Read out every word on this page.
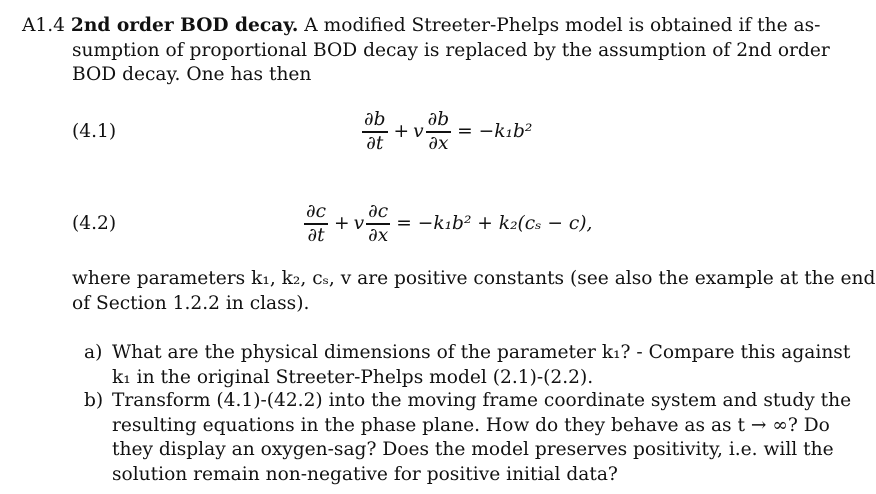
A1.4 2nd order BOD decay. A modified Streeter-Phelps model is obtained if the as-
sumption of proportional BOD decay is replaced by the assumption of 2nd order
BOD decay. One has then
(4.1)	$\frac{\partial b}{\partial t} + v \frac{\partial b}{\partial x} = -k_1b^2$
(4.2)	$\frac{\partial c}{\partial t} + v \frac{\partial c}{\partial x} = -k_1b^2 + k_2(c_s - c)$,
where parameters k₁, k₂, cₛ, v are positive constants (see also the example at the end
of Section 1.2.2 in class).
a) What are the physical dimensions of the parameter k₁? - Compare this against
k₁ in the original Streeter-Phelps model (2.1)-(2.2).
b) Transform (4.1)-(42.2) into the moving frame coordinate system and study the
resulting equations in the phase plane. How do they behave as as t → ∞? Do
they display an oxygen-sag? Does the model preserves positivity, i.e. will the
solution remain non-negative for positive initial data?
